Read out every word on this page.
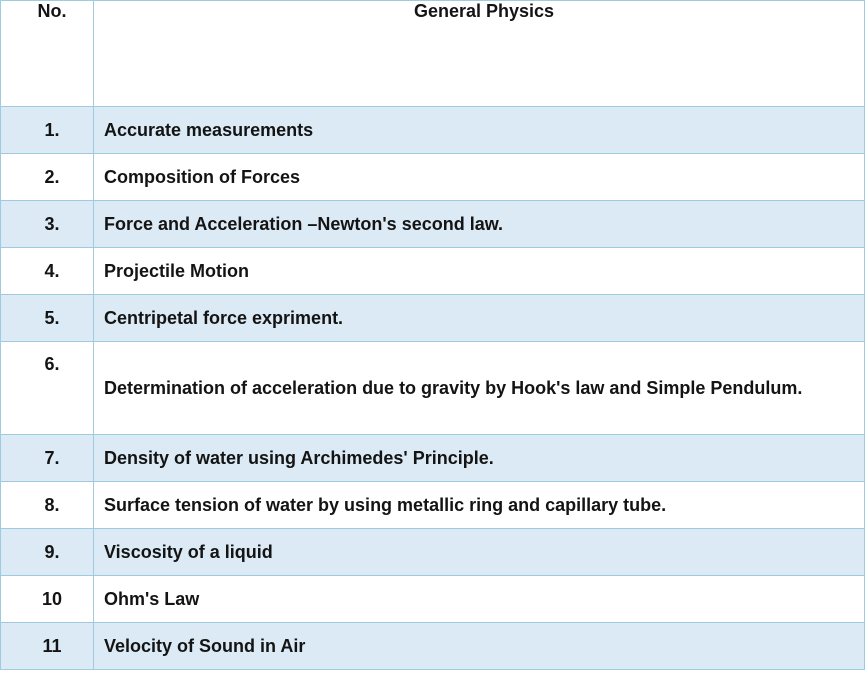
No.	General Physics
1.	Accurate measurements
2.	Composition of Forces
3.	Force and Acceleration –Newton's second law.
4.	Projectile Motion
5.	Centripetal force expriment.
6.	Determination of acceleration due to gravity by Hook's law and Simple Pendulum.
7.	Density of water using Archimedes' Principle.
8.	Surface tension of water by using metallic ring and capillary tube.
9.	Viscosity of a liquid
10	Ohm's Law
11	Velocity of Sound in Air
